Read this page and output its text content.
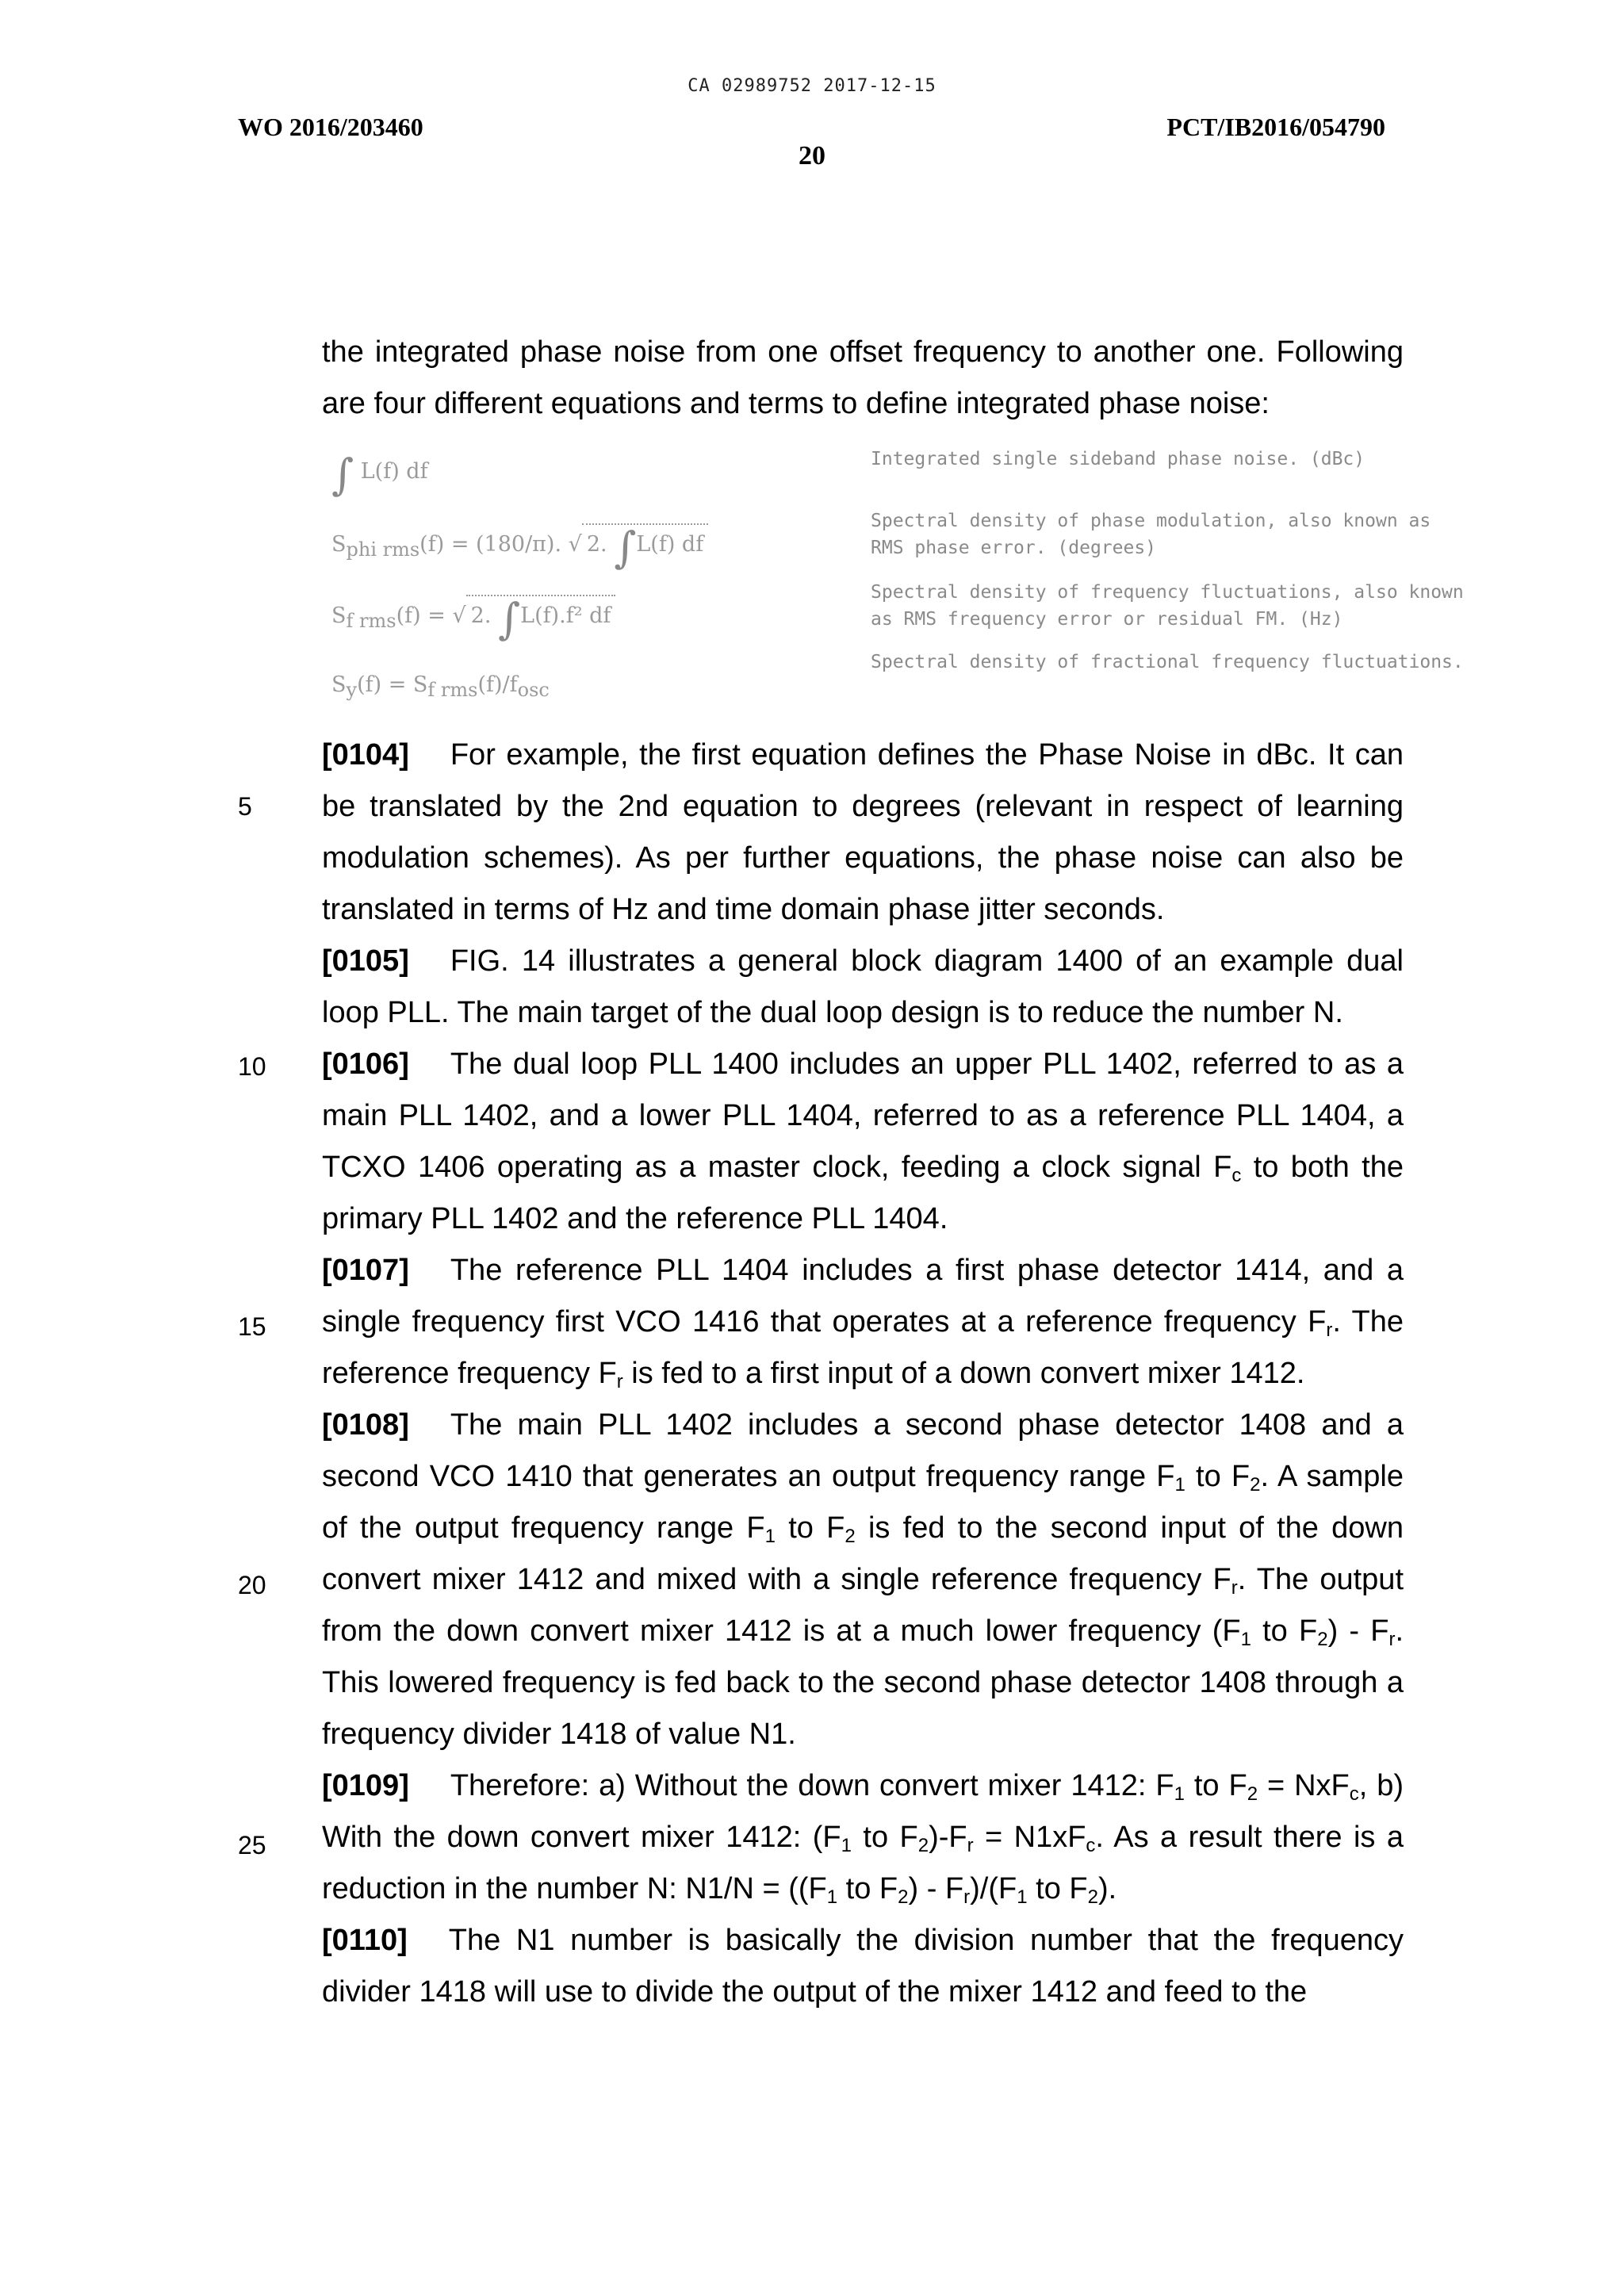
CA 02989752 2017-12-15
WO 2016/203460	PCT/IB2016/054790
20
the integrated phase noise from one offset frequency to another one. Following are four different equations and terms to define integrated phase noise:
∫ L(f) df	Integrated single sideband phase noise. (dBc)
$S_{phi rms}(f) = (180/\pi)$. √ 2. ∫L(f) df
Spectral density of phase modulation, also known as RMS phase error. (degrees)
$S_{f rms}(f)$ = √ 2. ∫L(f).f² df
Spectral density of frequency fluctuations, also known as RMS frequency error or residual FM. (Hz)
$S_y(f) = S_{f rms}(f)/f_{osc}$
Spectral density of fractional frequency fluctuations.

[0104] For example, the first equation defines the Phase Noise in dBc. It can be translated by the 2nd equation to degrees (relevant in respect of learning modulation schemes). As per further equations, the phase noise can also be translated in terms of Hz and time domain phase jitter seconds.

[0105] FIG. 14 illustrates a general block diagram 1400 of an example dual loop PLL. The main target of the dual loop design is to reduce the number N.

[0106] The dual loop PLL 1400 includes an upper PLL 1402, referred to as a main PLL 1402, and a lower PLL 1404, referred to as a reference PLL 1404, a TCXO 1406 operating as a master clock, feeding a clock signal $F_c$ to both the primary PLL 1402 and the reference PLL 1404.

[0107] The reference PLL 1404 includes a first phase detector 1414, and a single frequency first VCO 1416 that operates at a reference frequency $F_r$. The reference frequency $F_r$ is fed to a first input of a down convert mixer 1412.

[0108] The main PLL 1402 includes a second phase detector 1408 and a second VCO 1410 that generates an output frequency range $F_1$ to $F_2$. A sample of the output frequency range $F_1$ to $F_2$ is fed to the second input of the down convert mixer 1412 and mixed with a single reference frequency $F_r$. The output from the down convert mixer 1412 is at a much lower frequency ($F_1$ to $F_2) - F_r$. This lowered frequency is fed back to the second phase detector 1408 through a frequency divider 1418 of value N1.

[0109] Therefore: a) Without the down convert mixer 1412: $F_1$ to $F_2 = NxF_c$, b) With the down convert mixer 1412: ($F_1$ to $F_2)-F_r = N1xF_c$. As a result there is a reduction in the number N: $N1/N = ((F_1$ to $F_2) - F_r)/(F_1$ to $F_2$).

[0110] The N1 number is basically the division number that the frequency divider 1418 will use to divide the output of the mixer 1412 and feed to the

5
10
15
20
25
